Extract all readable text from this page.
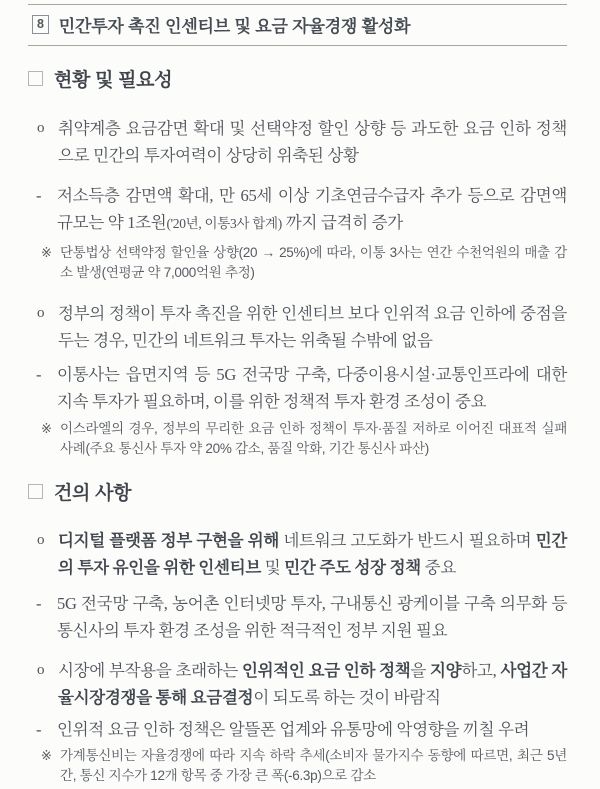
8 민간투자 촉진 인센티브 및 요금 자율경쟁 활성화
현황 및 필요성
o 취약계층 요금감면 확대 및 선택약정 할인 상향 등 과도한 요금 인하 정책으로 민간의 투자여력이 상당히 위축된 상황
- 저소득층 감면액 확대, 만 65세 이상 기초연금수급자 추가 등으로 감면액 규모는 약 1조원('20년, 이통3사 합계) 까지 급격히 증가
※ 단통법상 선택약정 할인율 상향(20 → 25%)에 따라, 이통 3사는 연간 수천억원의 매출 감소 발생(연평균 약 7,000억원 추정)
o 정부의 정책이 투자 촉진을 위한 인센티브 보다 인위적 요금 인하에 중점을 두는 경우, 민간의 네트워크 투자는 위축될 수밖에 없음
- 이통사는 읍면지역 등 5G 전국망 구축, 다중이용시설·교통인프라에 대한 지속 투자가 필요하며, 이를 위한 정책적 투자 환경 조성이 중요
※ 이스라엘의 경우, 정부의 무리한 요금 인하 정책이 투자·품질 저하로 이어진 대표적 실패 사례(주요 통신사 투자 약 20% 감소, 품질 악화, 기간 통신사 파산)
건의 사항
o 디지털 플랫폼 정부 구현을 위해 네트워크 고도화가 반드시 필요하며 민간의 투자 유인을 위한 인센티브 및 민간 주도 성장 정책 중요
- 5G 전국망 구축, 농어촌 인터넷망 투자, 구내통신 광케이블 구축 의무화 등 통신사의 투자 환경 조성을 위한 적극적인 정부 지원 필요
o 시장에 부작용을 초래하는 인위적인 요금 인하 정책을 지양하고, 사업간 자율시장경쟁을 통해 요금결정이 되도록 하는 것이 바람직
- 인위적 요금 인하 정책은 알뜰폰 업계와 유통망에 악영향을 끼칠 우려
※ 가계통신비는 자율경쟁에 따라 지속 하락 추세(소비자 물가지수 동향에 따르면, 최근 5년간, 통신 지수가 12개 항목 중 가장 큰 폭(-6.3p)으로 감소
